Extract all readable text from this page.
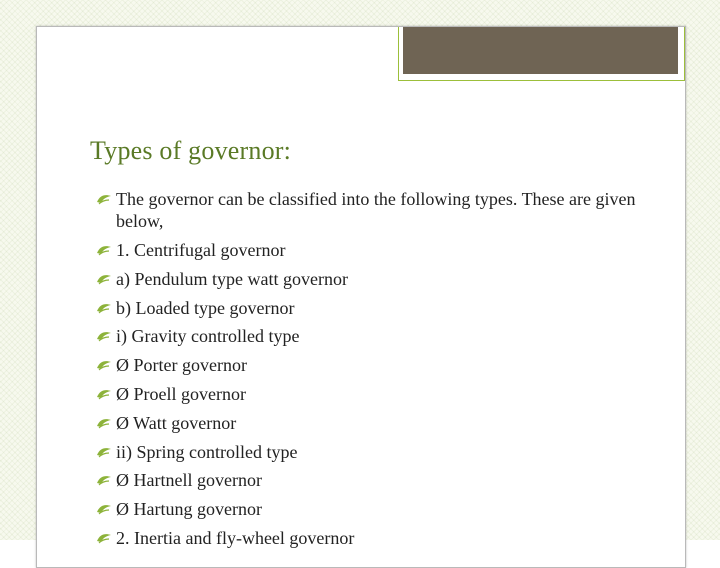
Types of governor:
The governor can be classified into the following types. These are given below,
1. Centrifugal governor
a) Pendulum type watt governor
b) Loaded type governor
i) Gravity controlled type
Ø Porter governor
Ø Proell governor
Ø Watt governor
ii) Spring controlled type
Ø Hartnell governor
Ø Hartung governor
2. Inertia and fly-wheel governor
